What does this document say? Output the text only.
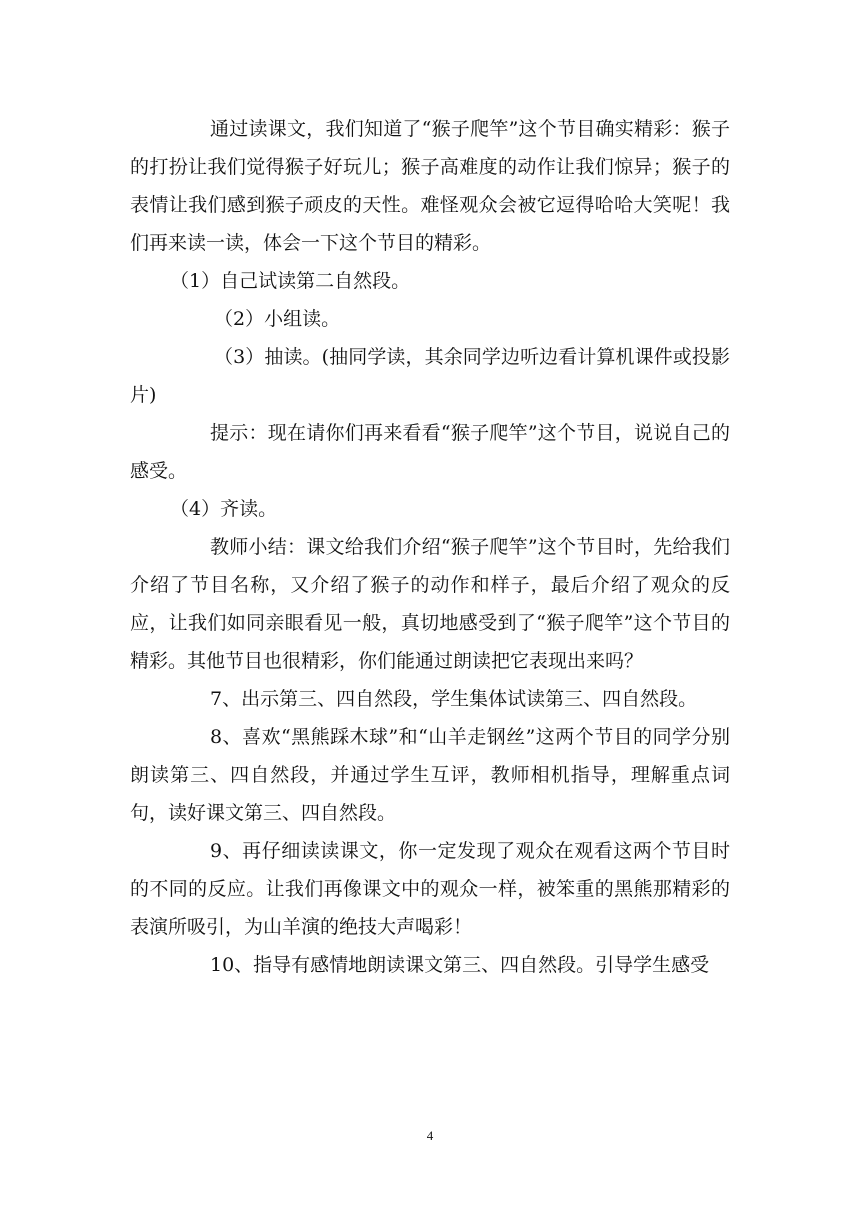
通过读课文，我们知道了“猴子爬竿”这个节目确实精彩：猴子的打扮让我们觉得猴子好玩儿；猴子高难度的动作让我们惊异；猴子的表情让我们感到猴子顽皮的天性。难怪观众会被它逗得哈哈大笑呢！我们再来读一读，体会一下这个节目的精彩。

（1）自己试读第二自然段。

（2）小组读。

（3）抽读。(抽同学读，其余同学边听边看计算机课件或投影片)

提示：现在请你们再来看看“猴子爬竿”这个节目，说说自己的感受。

（4）齐读。

教师小结：课文给我们介绍“猴子爬竿”这个节目时，先给我们介绍了节目名称，又介绍了猴子的动作和样子，最后介绍了观众的反应，让我们如同亲眼看见一般，真切地感受到了“猴子爬竿”这个节目的精彩。其他节目也很精彩，你们能通过朗读把它表现出来吗？

7、出示第三、四自然段，学生集体试读第三、四自然段。

8、喜欢“黑熊踩木球”和“山羊走钢丝”这两个节目的同学分别朗读第三、四自然段，并通过学生互评，教师相机指导，理解重点词句，读好课文第三、四自然段。

9、再仔细读读课文，你一定发现了观众在观看这两个节目时的不同的反应。让我们再像课文中的观众一样，被笨重的黑熊那精彩的表演所吸引，为山羊演的绝技大声喝彩！

10、指导有感情地朗读课文第三、四自然段。引导学生感受

4
